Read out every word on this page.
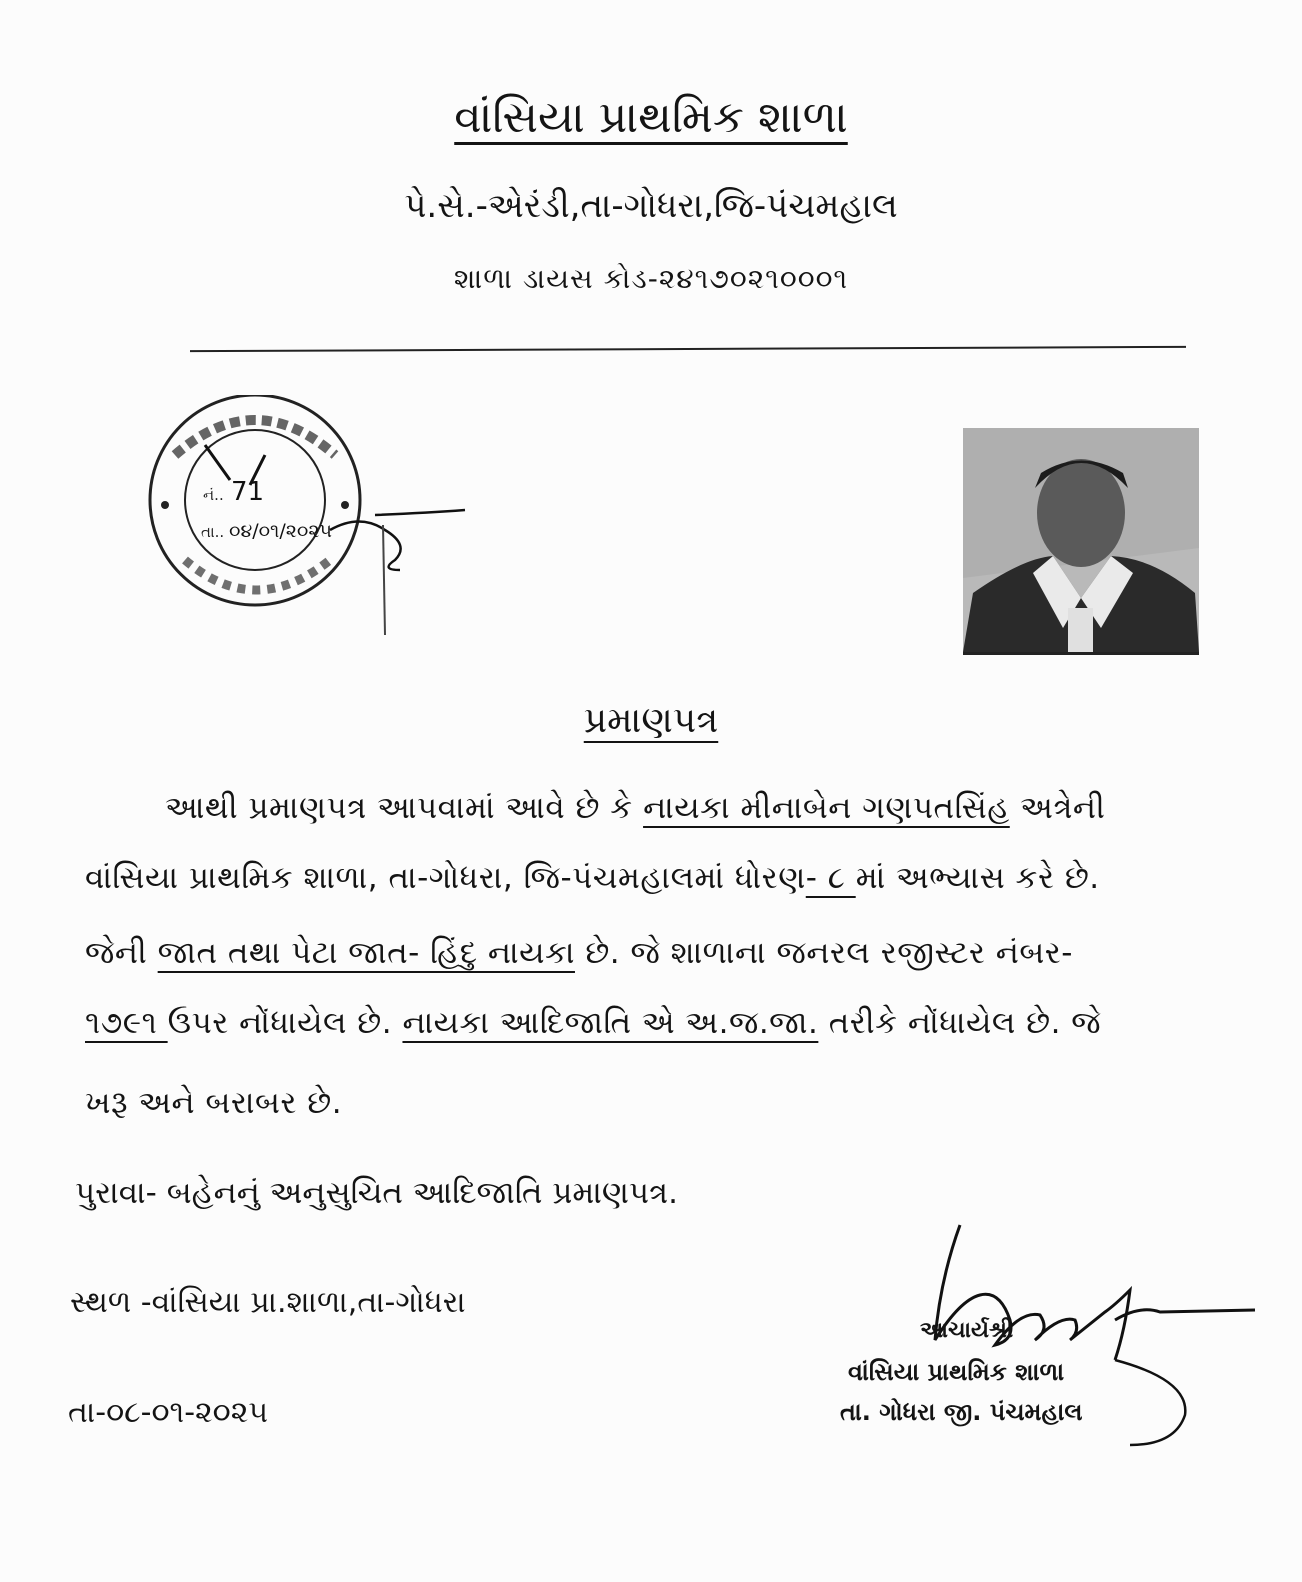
વાંસિયા પ્રાથમિક શાળા
પે.સે.-એરંડી,તા-ગોધરા,જિ-પંચમહાલ
શાળા ડાયસ કોડ-૨૪૧૭૦૨૧૦૦૦૧
નં.. 71
તા.. ૦૪/૦૧/૨૦૨૫
પ્રમાણપત્ર
આથી પ્રમાણપત્ર આપવામાં આવે છે કે નાયકા મીનાબેન ગણપતસિંહ અત્રેની
વાંસિયા પ્રાથમિક શાળા, તા-ગોધરા, જિ-પંચમહાલમાં ધોરણ- ૮ માં અભ્યાસ કરે છે.
જેની જાત તથા પેટા જાત- હિંદુ નાયકા છે. જે શાળાના જનરલ રજીસ્ટર નંબર-
૧૭૯૧ ઉપર નોંધાયેલ છે. નાયકા આદિજાતિ એ અ.જ.જા. તરીકે નોંધાયેલ છે. જે
ખરૂ અને બરાબર છે.
પુરાવા- બહેનનું અનુસુચિત આદિજાતિ પ્રમાણપત્ર.
સ્થળ -વાંસિયા પ્રા.શાળા,તા-ગોધરા
તા-૦૮-૦૧-૨૦૨૫
આચાર્યશ્રી
વાંસિયા પ્રાથમિક શાળા
તા. ગોધરા જી. પંચમહાલ
